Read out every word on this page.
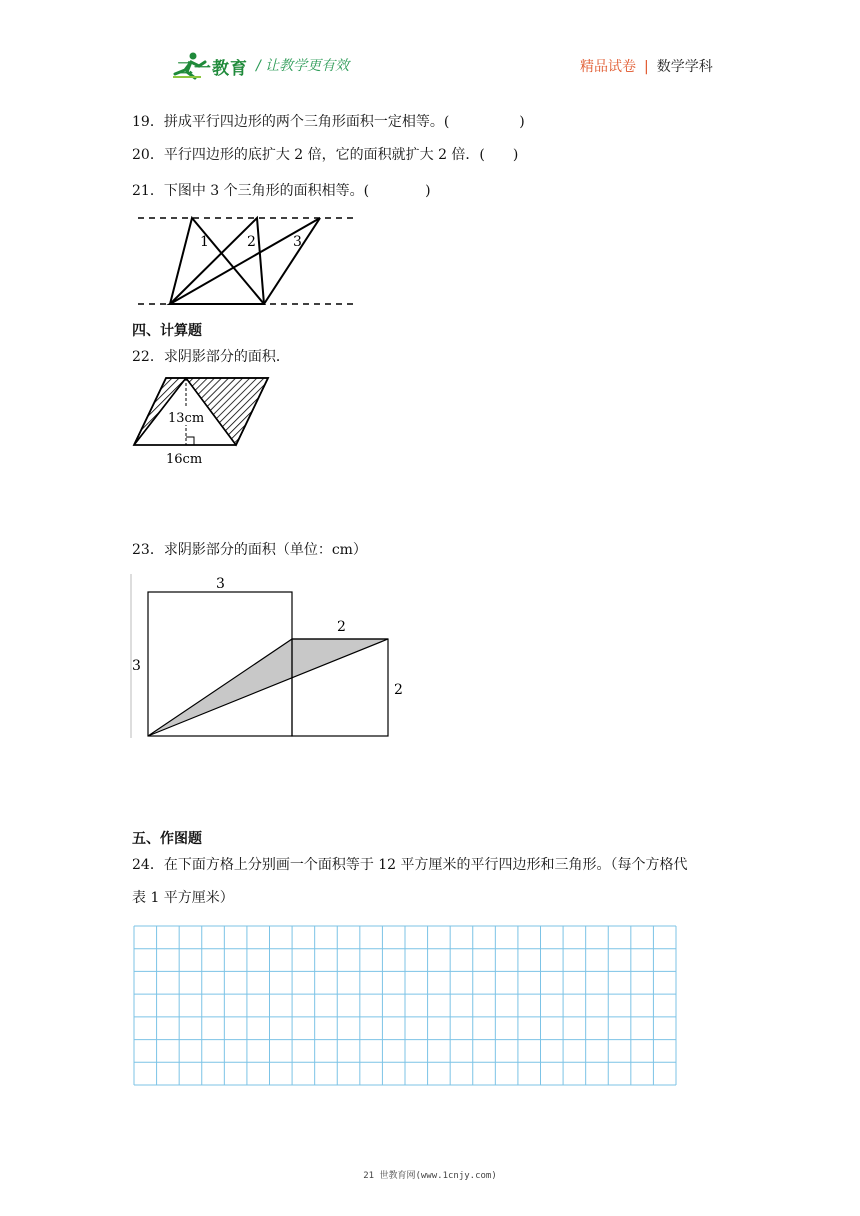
二一教育 / 让教学更有效	精品试卷 | 数学学科
19．拼成平行四边形的两个三角形面积一定相等。(　　　　　)
20．平行四边形的底扩大 2 倍，它的面积就扩大 2 倍．(　　)
21．下图中 3 个三角形的面积相等。(　　　　)
1	2	3
四、计算题
22．求阴影部分的面积．
13cm
16cm
23．求阴影部分的面积（单位：cm）
3
3
2
2
五、作图题
24．在下面方格上分别画一个面积等于 12 平方厘米的平行四边形和三角形。（每个方格代
表 1 平方厘米）
21 世教育网(www.1cnjy.com)
